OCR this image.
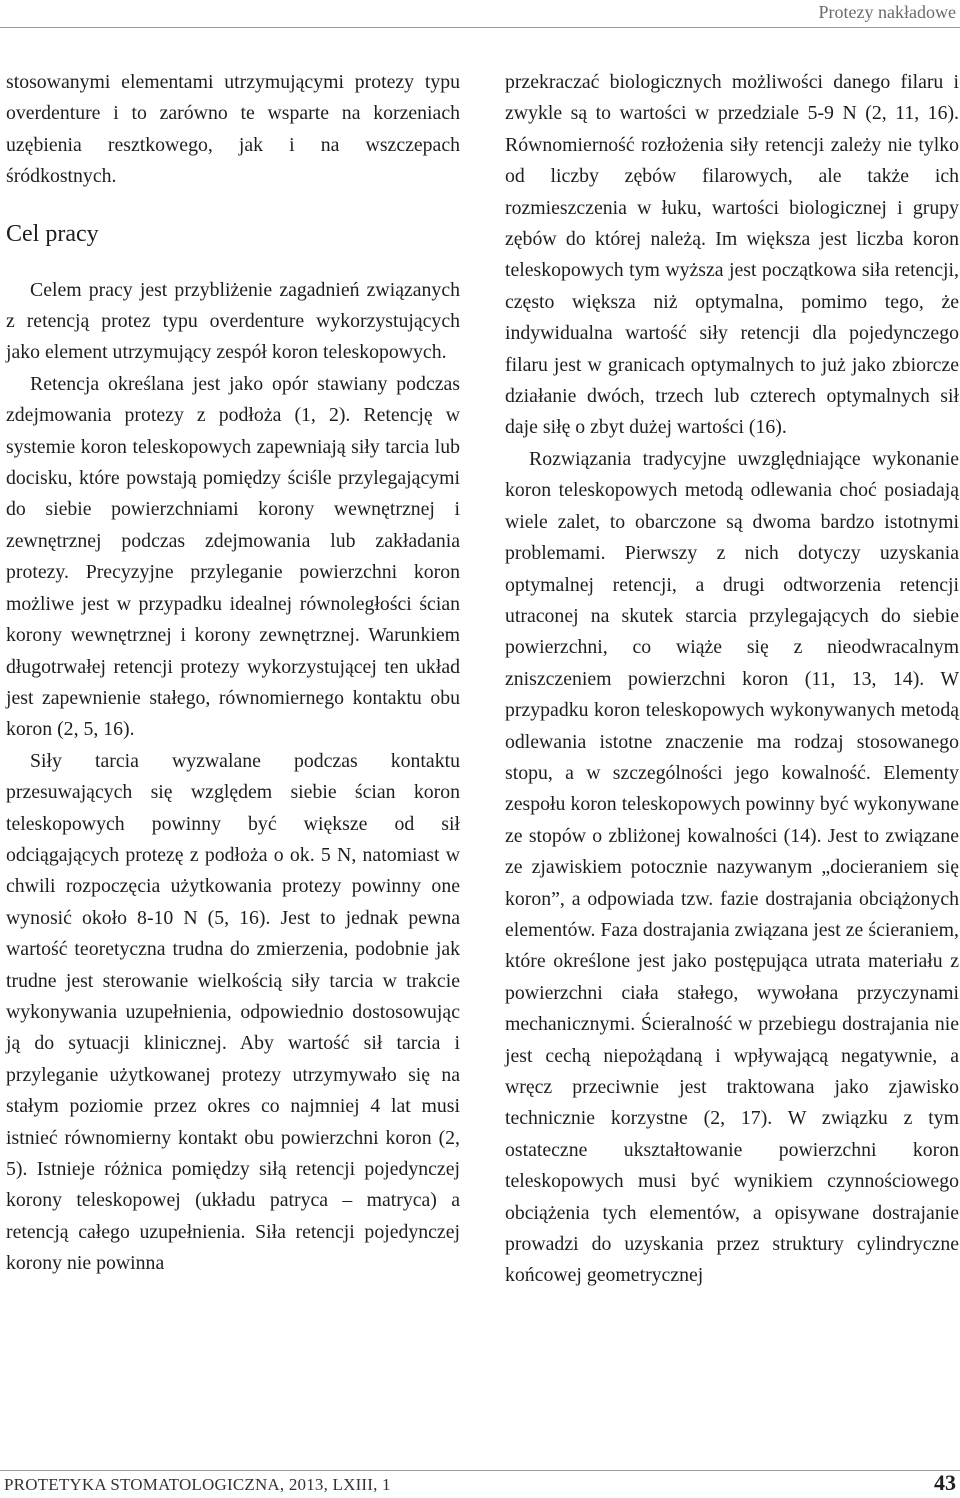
Protezy nakładowe

stosowanymi elementami utrzymującymi protezy typu overdenture i to zarówno te wsparte na korzeniach uzębienia resztkowego, jak i na wszczepach śródkostnych.

Cel pracy

Celem pracy jest przybliżenie zagadnień związanych z retencją protez typu overdenture wykorzystujących jako element utrzymujący zespół koron teleskopowych.

Retencja określana jest jako opór stawiany podczas zdejmowania protezy z podłoża (1, 2). Retencję w systemie koron teleskopowych zapewniają siły tarcia lub docisku, które powstają pomiędzy ściśle przylegającymi do siebie powierzchniami korony wewnętrznej i zewnętrznej podczas zdejmowania lub zakładania protezy. Precyzyjne przyleganie powierzchni koron możliwe jest w przypadku idealnej równoległości ścian korony wewnętrznej i korony zewnętrznej. Warunkiem długotrwałej retencji protezy wykorzystującej ten układ jest zapewnienie stałego, równomiernego kontaktu obu koron (2, 5, 16).

Siły tarcia wyzwalane podczas kontaktu przesuwających się względem siebie ścian koron teleskopowych powinny być większe od sił odciągających protezę z podłoża o ok. 5 N, natomiast w chwili rozpoczęcia użytkowania protezy powinny one wynosić około 8-10 N (5, 16). Jest to jednak pewna wartość teoretyczna trudna do zmierzenia, podobnie jak trudne jest sterowanie wielkością siły tarcia w trakcie wykonywania uzupełnienia, odpowiednio dostosowując ją do sytuacji klinicznej. Aby wartość sił tarcia i przyleganie użytkowanej protezy utrzymywało się na stałym poziomie przez okres co najmniej 4 lat musi istnieć równomierny kontakt obu powierzchni koron (2, 5). Istnieje różnica pomiędzy siłą retencji pojedynczej korony teleskopowej (układu patryca – matryca) a retencją całego uzupełnienia. Siła retencji pojedynczej korony nie powinna

przekraczać biologicznych możliwości danego filaru i zwykle są to wartości w przedziale 5-9 N (2, 11, 16). Równomierność rozłożenia siły retencji zależy nie tylko od liczby zębów filarowych, ale także ich rozmieszczenia w łuku, wartości biologicznej i grupy zębów do której należą. Im większa jest liczba koron teleskopowych tym wyższa jest początkowa siła retencji, często większa niż optymalna, pomimo tego, że indywidualna wartość siły retencji dla pojedynczego filaru jest w granicach optymalnych to już jako zbiorcze działanie dwóch, trzech lub czterech optymalnych sił daje siłę o zbyt dużej wartości (16).

Rozwiązania tradycyjne uwzględniające wykonanie koron teleskopowych metodą odlewania choć posiadają wiele zalet, to obarczone są dwoma bardzo istotnymi problemami. Pierwszy z nich dotyczy uzyskania optymalnej retencji, a drugi odtworzenia retencji utraconej na skutek starcia przylegających do siebie powierzchni, co wiąże się z nieodwracalnym zniszczeniem powierzchni koron (11, 13, 14). W przypadku koron teleskopowych wykonywanych metodą odlewania istotne znaczenie ma rodzaj stosowanego stopu, a w szczególności jego kowalność. Elementy zespołu koron teleskopowych powinny być wykonywane ze stopów o zbliżonej kowalności (14). Jest to związane ze zjawiskiem potocznie nazywanym „docieraniem się koron”, a odpowiada tzw. fazie dostrajania obciążonych elementów. Faza dostrajania związana jest ze ścieraniem, które określone jest jako postępująca utrata materiału z powierzchni ciała stałego, wywołana przyczynami mechanicznymi. Ścieralność w przebiegu dostrajania nie jest cechą niepożądaną i wpływającą negatywnie, a wręcz przeciwnie jest traktowana jako zjawisko technicznie korzystne (2, 17). W związku z tym ostateczne ukształtowanie powierzchni koron teleskopowych musi być wynikiem czynnościowego obciążenia tych elementów, a opisywane dostrajanie prowadzi do uzyskania przez struktury cylindryczne końcowej geometrycznej

PROTETYKA STOMATOLOGICZNA, 2013, LXIII, 1	43
